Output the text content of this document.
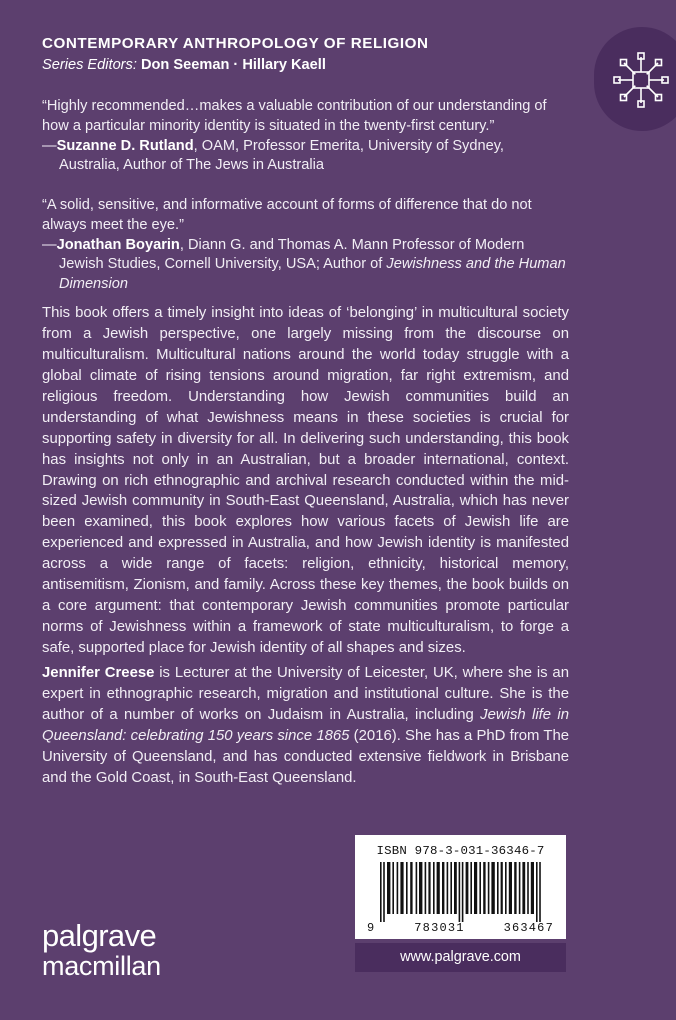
CONTEMPORARY ANTHROPOLOGY OF RELIGION
Series Editors: Don Seeman · Hillary Kaell

“Highly recommended…makes a valuable contribution of our understanding of how a particular minority identity is situated in the twenty-first century.”
—Suzanne D. Rutland, OAM, Professor Emerita, University of Sydney,
Australia, Author of The Jews in Australia

“A solid, sensitive, and informative account of forms of difference that do not always meet the eye.”
—Jonathan Boyarin, Diann G. and Thomas A. Mann Professor of Modern
Jewish Studies, Cornell University, USA; Author of Jewishness and the Human Dimension

This book offers a timely insight into ideas of ‘belonging’ in multicultural society from a Jewish perspective, one largely missing from the discourse on multiculturalism. Multicultural nations around the world today struggle with a global climate of rising tensions around migration, far right extremism, and religious freedom. Understanding how Jewish communities build an understanding of what Jewishness means in these societies is crucial for supporting safety in diversity for all. In delivering such understanding, this book has insights not only in an Australian, but a broader international, context. Drawing on rich ethnographic and archival research conducted within the mid-sized Jewish community in South-East Queensland, Australia, which has never been examined, this book explores how various facets of Jewish life are experienced and expressed in Australia, and how Jewish identity is manifested across a wide range of facets: religion, ethnicity, historical memory, antisemitism, Zionism, and family. Across these key themes, the book builds on a core argument: that contemporary Jewish communities promote particular norms of Jewishness within a framework of state multiculturalism, to forge a safe, supported place for Jewish identity of all shapes and sizes.

Jennifer Creese is Lecturer at the University of Leicester, UK, where she is an expert in ethnographic research, migration and institutional culture. She is the author of a number of works on Judaism in Australia, including Jewish life in Queensland: celebrating 150 years since 1865 (2016). She has a PhD from The University of Queensland, and has conducted extensive fieldwork in Brisbane and the Gold Coast, in South-East Queensland.

palgrave
macmillan
ISBN 978-3-031-36346-7
9	783031	363467
www.palgrave.com
